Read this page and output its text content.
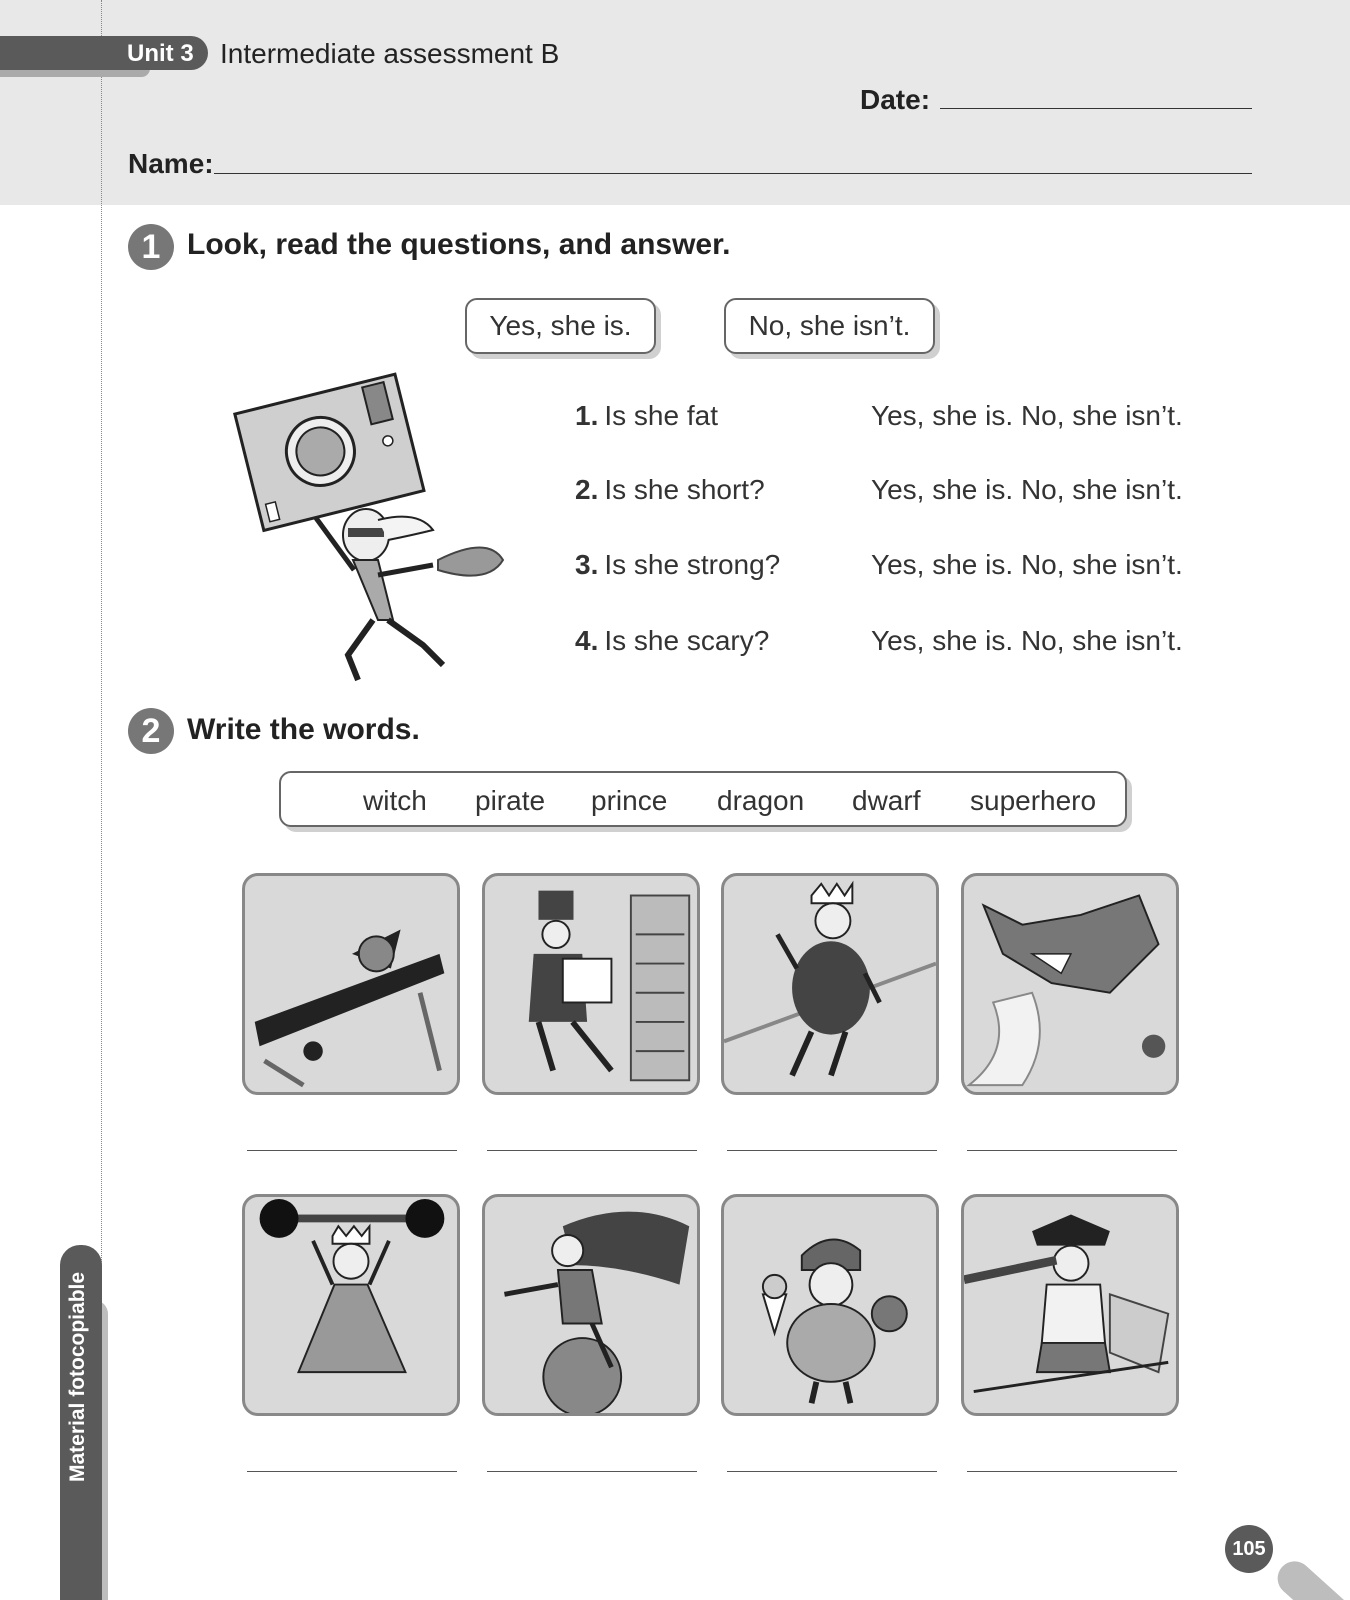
Unit 3 Intermediate assessment B
Date:
Name:
1 Look, read the questions, and answer.
Yes, she is.	No, she isn’t.
1. Is she fat	Yes, she is. No, she isn’t.
2. Is she short?	Yes, she is. No, she isn’t.
3. Is she strong?	Yes, she is. No, she isn’t.
4. Is she scary?	Yes, she is. No, she isn’t.
2 Write the words.
witch pirate prince dragon dwarf superhero
Material fotocopiable
105
